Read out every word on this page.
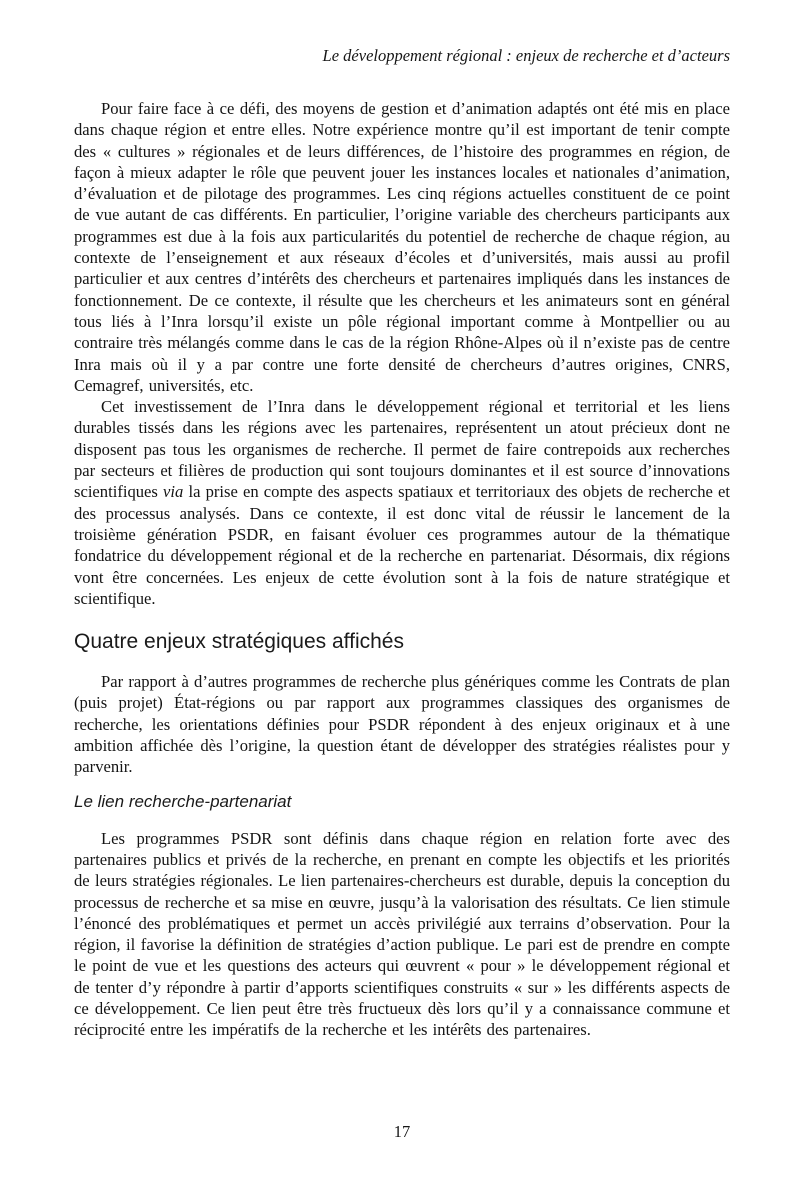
Le développement régional : enjeux de recherche et d’acteurs

Pour faire face à ce défi, des moyens de gestion et d’animation adaptés ont été mis en place dans chaque région et entre elles. Notre expérience montre qu’il est important de tenir compte des « cultures » régionales et de leurs différences, de l’histoire des programmes en région, de façon à mieux adapter le rôle que peuvent jouer les instances locales et nationales d’animation, d’évaluation et de pilotage des programmes. Les cinq régions actuelles constituent de ce point de vue autant de cas différents. En particulier, l’origine variable des chercheurs participants aux programmes est due à la fois aux particularités du potentiel de recherche de chaque région, au contexte de l’enseignement et aux réseaux d’écoles et d’universités, mais aussi au profil particulier et aux centres d’intérêts des chercheurs et partenaires impliqués dans les instances de fonctionnement. De ce contexte, il résulte que les chercheurs et les animateurs sont en général tous liés à l’Inra lorsqu’il existe un pôle régional important comme à Montpellier ou au contraire très mélangés comme dans le cas de la région Rhône-Alpes où il n’existe pas de centre Inra mais où il y a par contre une forte densité de chercheurs d’autres origines, CNRS, Cemagref, universités, etc.

Cet investissement de l’Inra dans le développement régional et territorial et les liens durables tissés dans les régions avec les partenaires, représentent un atout précieux dont ne disposent pas tous les organismes de recherche. Il permet de faire contrepoids aux recherches par secteurs et filières de production qui sont toujours dominantes et il est source d’innovations scientifiques via la prise en compte des aspects spatiaux et territoriaux des objets de recherche et des processus analysés. Dans ce contexte, il est donc vital de réussir le lancement de la troisième génération PSDR, en faisant évoluer ces programmes autour de la thématique fondatrice du développement régional et de la recherche en partenariat. Désormais, dix régions vont être concernées. Les enjeux de cette évolution sont à la fois de nature stratégique et scientifique.

Quatre enjeux stratégiques affichés

Par rapport à d’autres programmes de recherche plus génériques comme les Contrats de plan (puis projet) État-régions ou par rapport aux programmes classiques des organismes de recherche, les orientations définies pour PSDR répondent à des enjeux originaux et à une ambition affichée dès l’origine, la question étant de développer des stratégies réalistes pour y parvenir.

Le lien recherche-partenariat

Les programmes PSDR sont définis dans chaque région en relation forte avec des partenaires publics et privés de la recherche, en prenant en compte les objectifs et les priorités de leurs stratégies régionales. Le lien partenaires-chercheurs est durable, depuis la conception du processus de recherche et sa mise en œuvre, jusqu’à la valorisation des résultats. Ce lien stimule l’énoncé des problématiques et permet un accès privilégié aux terrains d’observation. Pour la région, il favorise la définition de stratégies d’action publique. Le pari est de prendre en compte le point de vue et les questions des acteurs qui œuvrent « pour » le développement régional et de tenter d’y répondre à partir d’apports scientifiques construits « sur » les différents aspects de ce développement. Ce lien peut être très fructueux dès lors qu’il y a connaissance commune et réciprocité entre les impératifs de la recherche et les intérêts des partenaires.

17
